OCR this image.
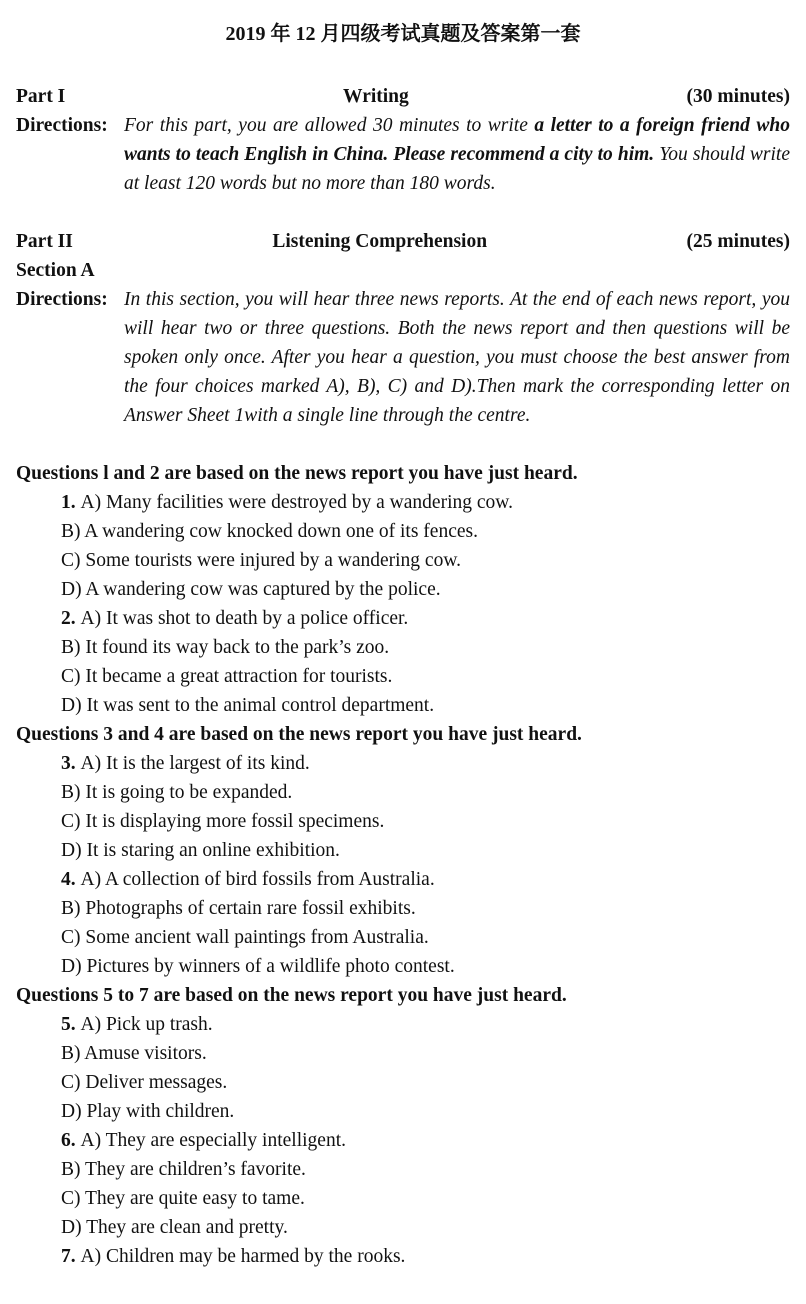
2019 年 12 月四级考试真题及答案第一套
Part I	Writing	(30 minutes)
Directions: For this part, you are allowed 30 minutes to write a letter to a foreign friend who wants to teach English in China. Please recommend a city to him. You should write at least 120 words but no more than 180 words.
Part II	Listening Comprehension	(25 minutes)
Section A
Directions: In this section, you will hear three news reports. At the end of each news report, you will hear two or three questions. Both the news report and then questions will be spoken only once. After you hear a question, you must choose the best answer from the four choices marked A), B), C) and D).Then mark the corresponding letter on Answer Sheet 1with a single line through the centre.
Questions l and 2 are based on the news report you have just heard.
1. A) Many facilities were destroyed by a wandering cow.
B) A wandering cow knocked down one of its fences.
C) Some tourists were injured by a wandering cow.
D) A wandering cow was captured by the police.
2. A) It was shot to death by a police officer.
B) It found its way back to the park’s zoo.
C) It became a great attraction for tourists.
D) It was sent to the animal control department.
Questions 3 and 4 are based on the news report you have just heard.
3. A) It is the largest of its kind.
B) It is going to be expanded.
C) It is displaying more fossil specimens.
D) It is staring an online exhibition.
4. A) A collection of bird fossils from Australia.
B) Photographs of certain rare fossil exhibits.
C) Some ancient wall paintings from Australia.
D) Pictures by winners of a wildlife photo contest.
Questions 5 to 7 are based on the news report you have just heard.
5. A) Pick up trash.
B) Amuse visitors.
C) Deliver messages.
D) Play with children.
6. A) They are especially intelligent.
B) They are children’s favorite.
C) They are quite easy to tame.
D) They are clean and pretty.
7. A) Children may be harmed by the rooks.
